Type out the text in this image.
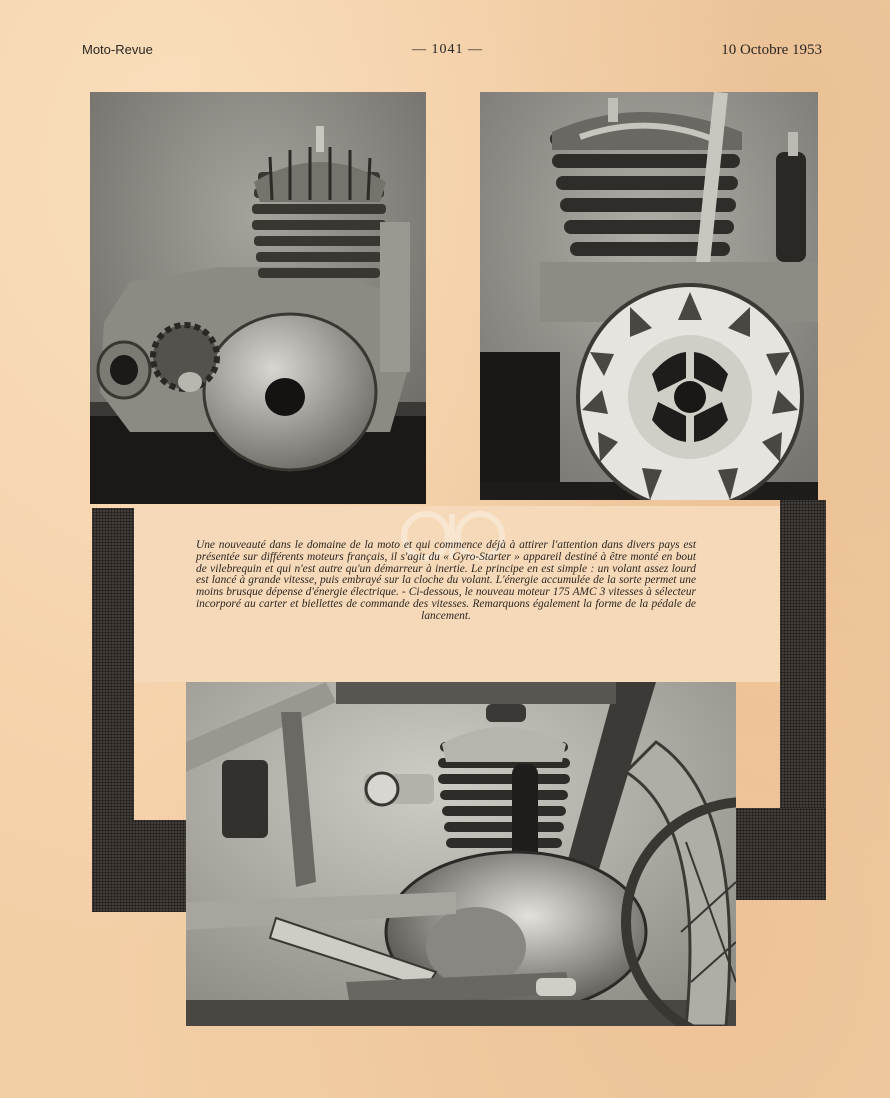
Moto-Revue	— 1041 —	10 Octobre 1953

Une nouveauté dans le domaine de la moto et qui commence déjà à attirer l'attention dans divers pays est présentée sur différents moteurs français, il s'agit du « Gyro-Starter » appareil destiné à être monté en bout de vilebrequin et qui n'est autre qu'un démarreur à inertie. Le principe en est simple : un volant assez lourd est lancé à grande vitesse, puis embrayé sur la cloche du volant. L'énergie accumulée de la sorte permet une moins brusque dépense d'énergie électrique. - Ci-dessous, le nouveau moteur 175 AMC 3 vitesses à sélecteur incorporé au carter et biellettes de commande des vitesses. Remarquons également la forme de la pédale de lancement.
